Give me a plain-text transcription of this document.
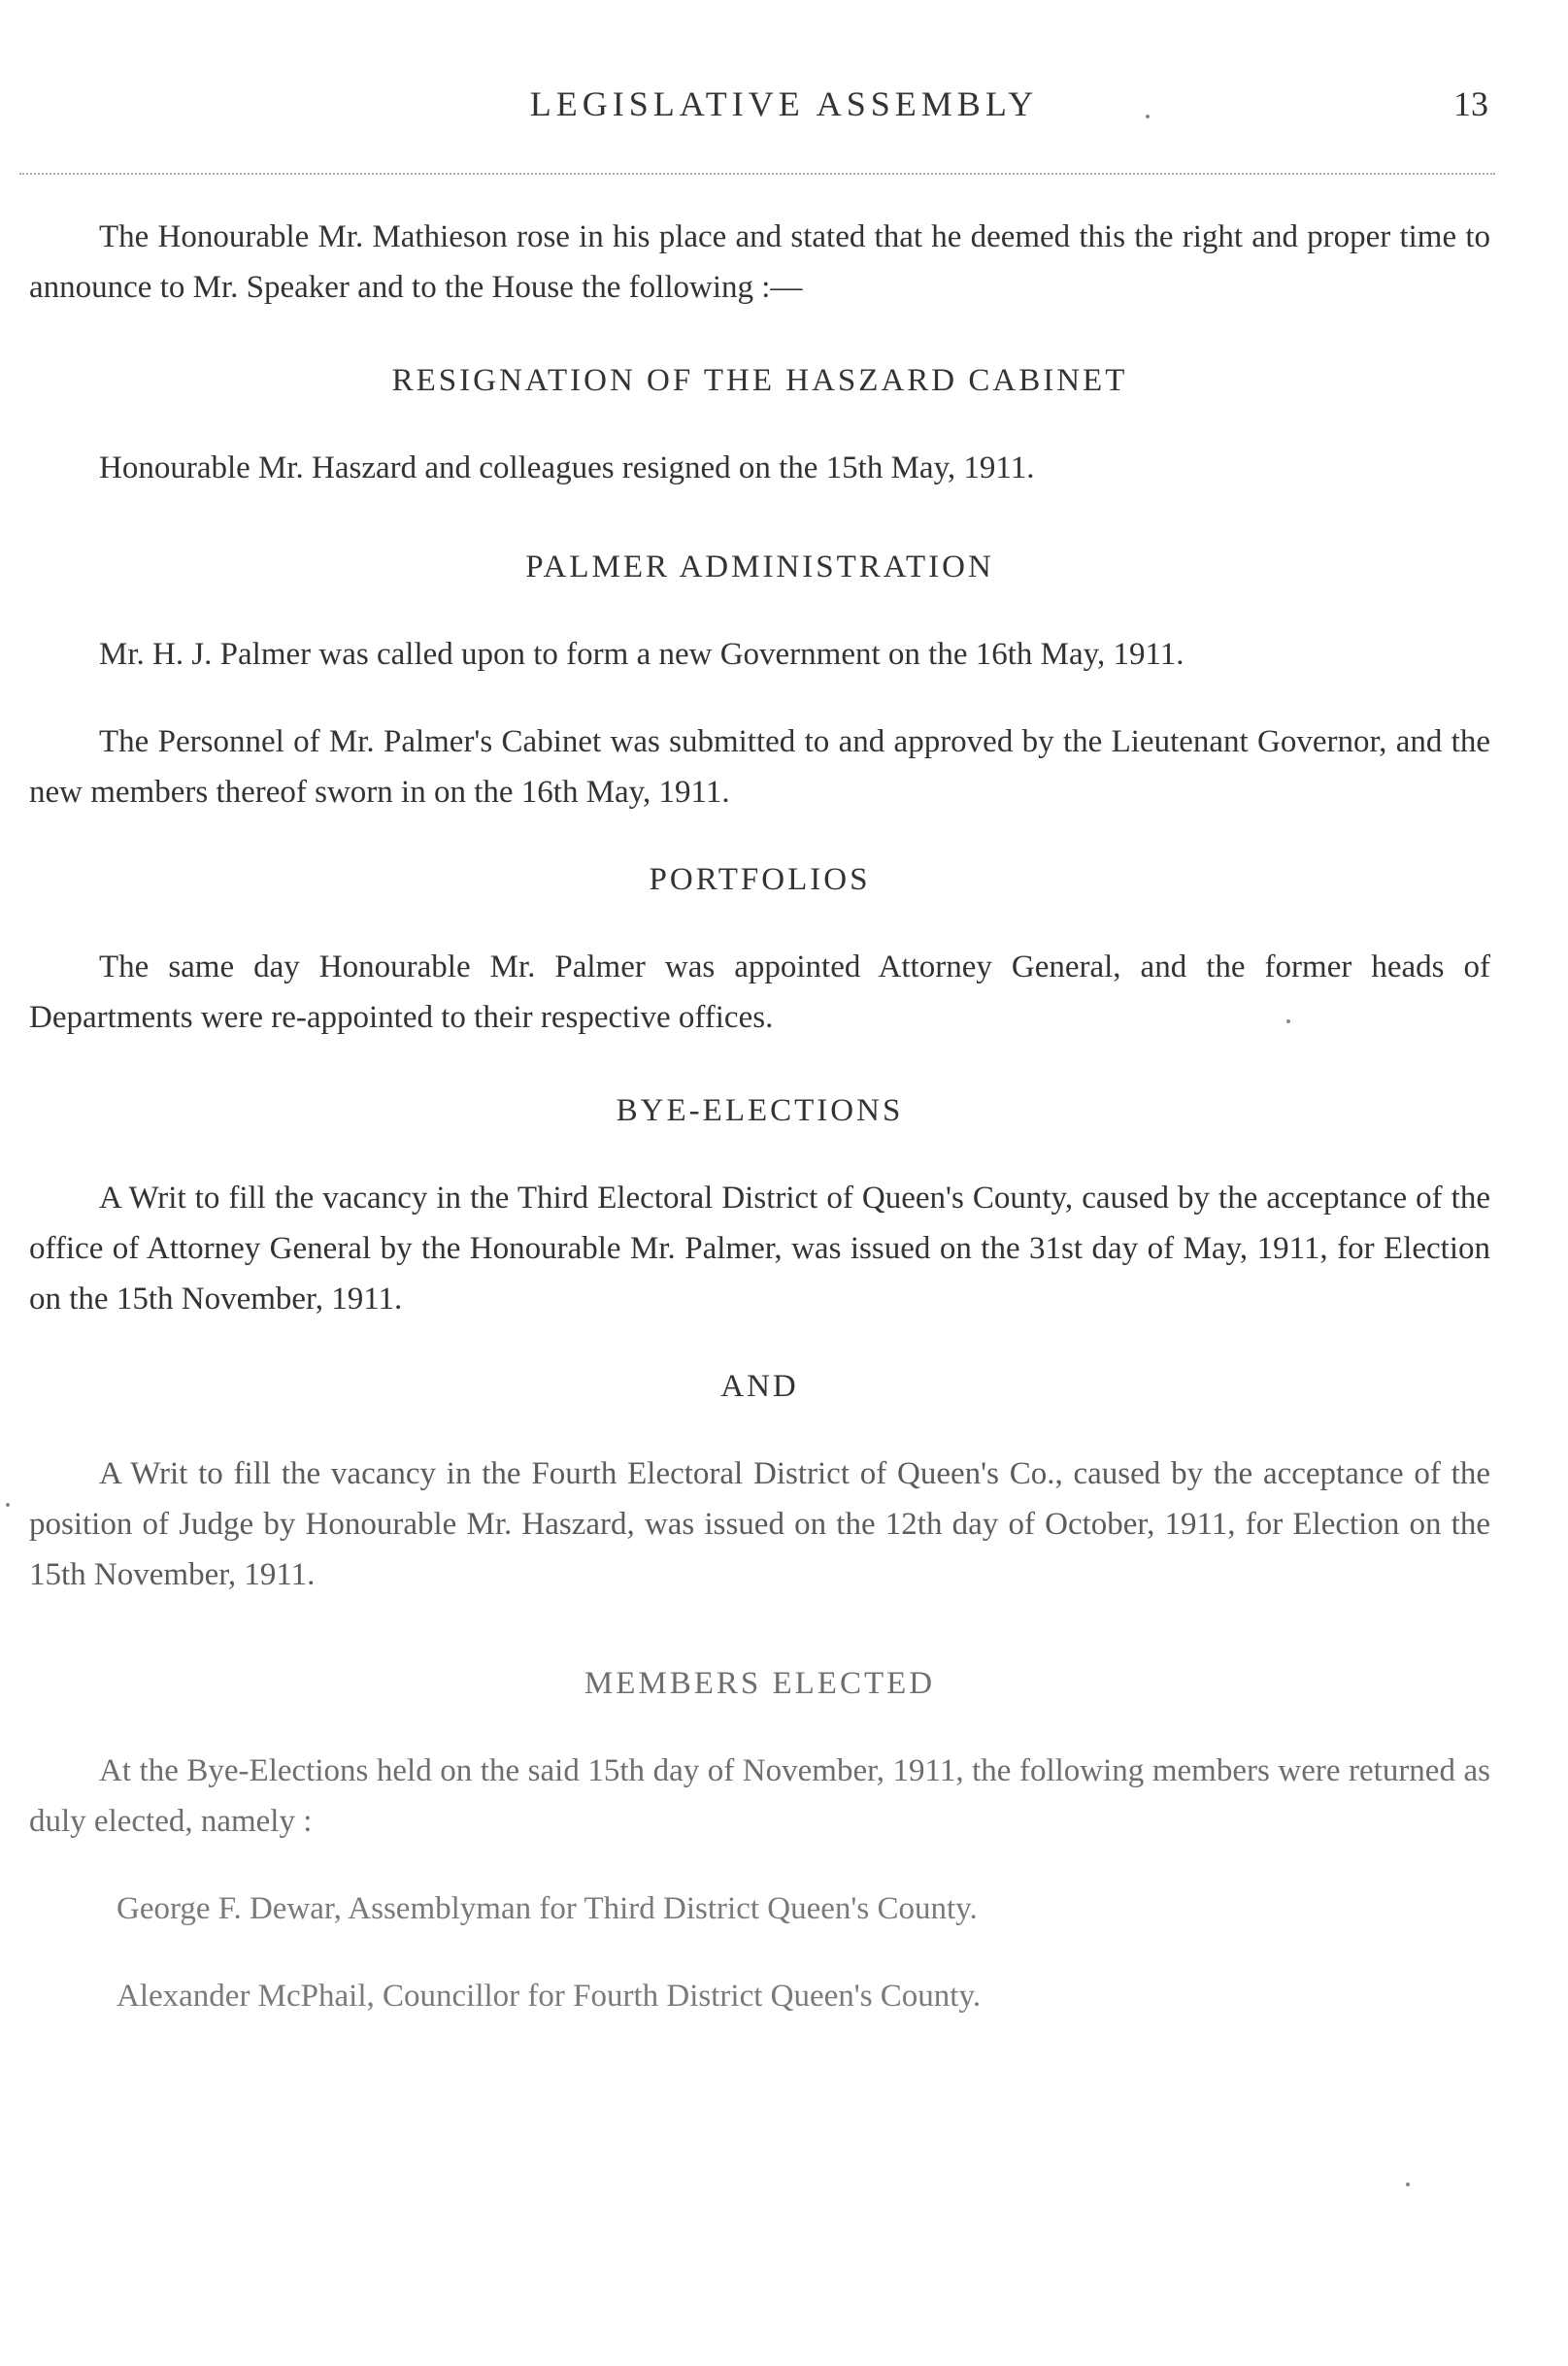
LEGISLATIVE ASSEMBLY	13

The Honourable Mr. Mathieson rose in his place and stated that he deemed this the right and proper time to announce to Mr. Speaker and to the House the following :—

RESIGNATION OF THE HASZARD CABINET

Honourable Mr. Haszard and colleagues resigned on the 15th May, 1911.

PALMER ADMINISTRATION

Mr. H. J. Palmer was called upon to form a new Government on the 16th May, 1911.

The Personnel of Mr. Palmer's Cabinet was submitted to and approved by the Lieutenant Governor, and the new members thereof sworn in on the 16th May, 1911.

PORTFOLIOS

The same day Honourable Mr. Palmer was appointed Attorney General, and the former heads of Departments were re-appointed to their respective offices.

BYE-ELECTIONS

A Writ to fill the vacancy in the Third Electoral District of Queen's County, caused by the acceptance of the office of Attorney General by the Honourable Mr. Palmer, was issued on the 31st day of May, 1911, for Election on the 15th November, 1911.

AND

A Writ to fill the vacancy in the Fourth Electoral District of Queen's Co., caused by the acceptance of the position of Judge by Honourable Mr. Haszard, was issued on the 12th day of October, 1911, for Election on the 15th November, 1911.

MEMBERS ELECTED

At the Bye-Elections held on the said 15th day of November, 1911, the following members were returned as duly elected, namely :

George F. Dewar, Assemblyman for Third District Queen's County.

Alexander McPhail, Councillor for Fourth District Queen's County.
